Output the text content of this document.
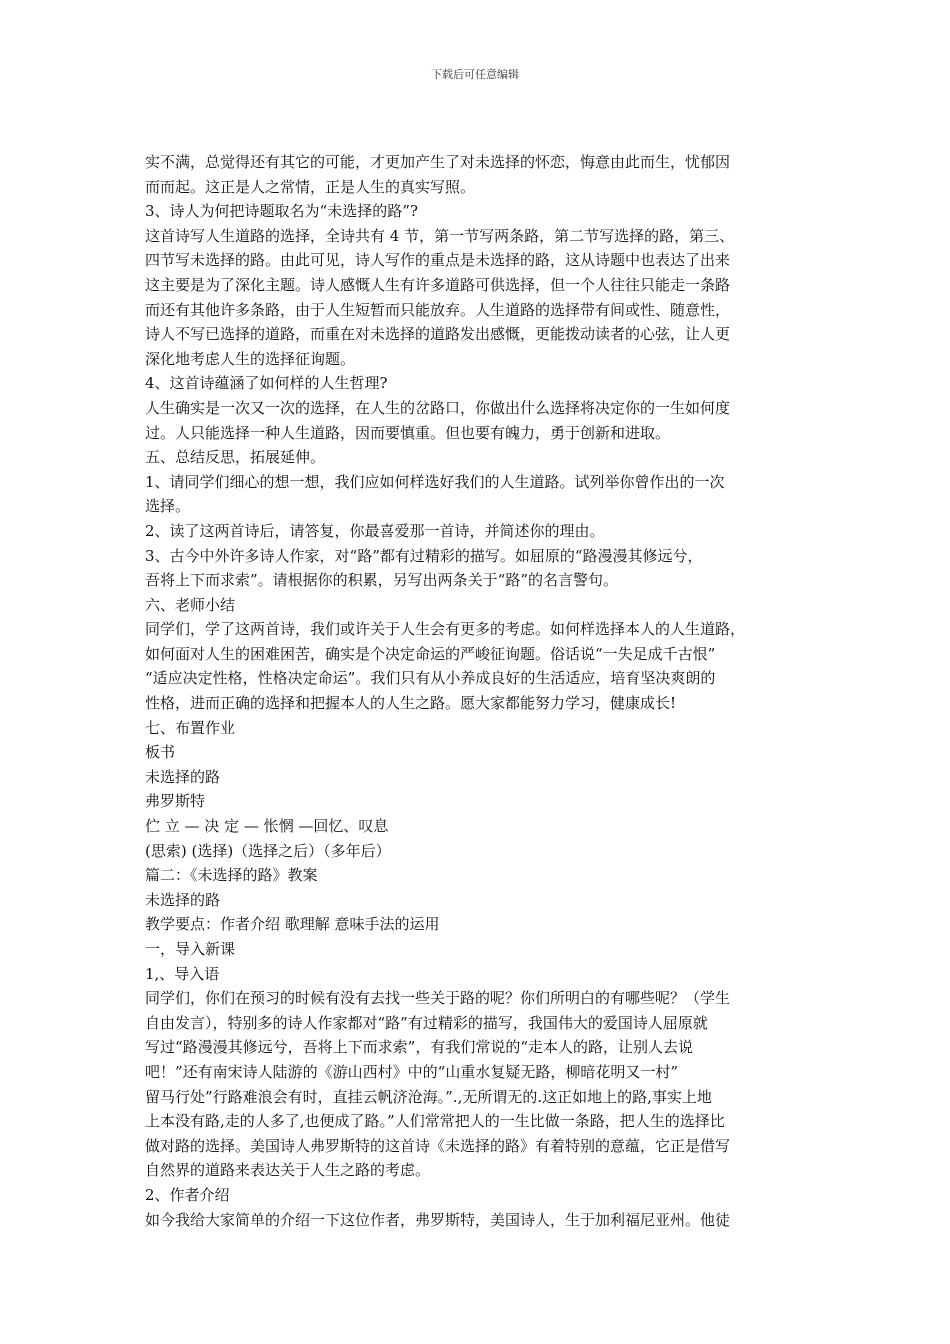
下载后可任意编辑
实不满，总觉得还有其它的可能，才更加产生了对未选择的怀恋，悔意由此而生，忧郁因
而而起。这正是人之常情，正是人生的真实写照。
3、诗人为何把诗题取名为“未选择的路”?
这首诗写人生道路的选择，全诗共有 4 节，第一节写两条路，第二节写选择的路，第三、
四节写未选择的路。由此可见，诗人写作的重点是未选择的路，这从诗题中也表达了出来
这主要是为了深化主题。诗人感慨人生有许多道路可供选择，但一个人往往只能走一条路
而还有其他许多条路，由于人生短暂而只能放弃。人生道路的选择带有间或性、随意性，
诗人不写已选择的道路，而重在对未选择的道路发出感慨，更能拨动读者的心弦，让人更
深化地考虑人生的选择征询题。
4、这首诗蕴涵了如何样的人生哲理?
人生确实是一次又一次的选择，在人生的岔路口，你做出什么选择将决定你的一生如何度
过。人只能选择一种人生道路，因而要慎重。但也要有魄力，勇于创新和进取。
五、总结反思，拓展延伸。
1、请同学们细心的想一想，我们应如何样选好我们的人生道路。试列举你曾作出的一次
选择。
2、读了这两首诗后，请答复，你最喜爱那一首诗，并简述你的理由。
3、古今中外许多诗人作家，对“路”都有过精彩的描写。如屈原的“路漫漫其修远兮，
吾将上下而求索”。请根据你的积累，另写出两条关于“路”的名言警句。
六、老师小结
同学们，学了这两首诗，我们或许关于人生会有更多的考虑。如何样选择本人的人生道路，
如何面对人生的困难困苦，确实是个决定命运的严峻征询题。俗话说“一失足成千古恨”
“适应决定性格，性格决定命运”。我们只有从小养成良好的生活适应，培育坚决爽朗的
性格，进而正确的选择和把握本人的人生之路。愿大家都能努力学习，健康成长!
七、布置作业
板书
未选择的路
弗罗斯特
伫 立 — 决 定 — 怅惘 —回忆、叹息
(思索) (选择)（选择之后）（多年后）
篇二：《未选择的路》教案
未选择的路
教学要点：作者介绍 歌理解 意味手法的运用
一，导入新课
1,、导入语
同学们，你们在预习的时候有没有去找一些关于路的呢？你们所明白的有哪些呢？（学生
自由发言），特别多的诗人作家都对“路”有过精彩的描写，我国伟大的爱国诗人屈原就
写过“路漫漫其修远兮，吾将上下而求索”，有我们常说的“走本人的路，让别人去说
吧！”还有南宋诗人陆游的《游山西村》中的“山重水复疑无路，柳暗花明又一村”
留马行处”行路难浪会有时，直挂云帆济沧海。”.,无所谓无的.这正如地上的路,事实上地
上本没有路,走的人多了,也便成了路。”人们常常把人的一生比做一条路，把人生的选择比
做对路的选择。美国诗人弗罗斯特的这首诗《未选择的路》有着特别的意蕴，它正是借写
自然界的道路来表达关于人生之路的考虑。
2、作者介绍
如今我给大家简单的介绍一下这位作者，弗罗斯特，美国诗人，生于加利福尼亚州。他徒
